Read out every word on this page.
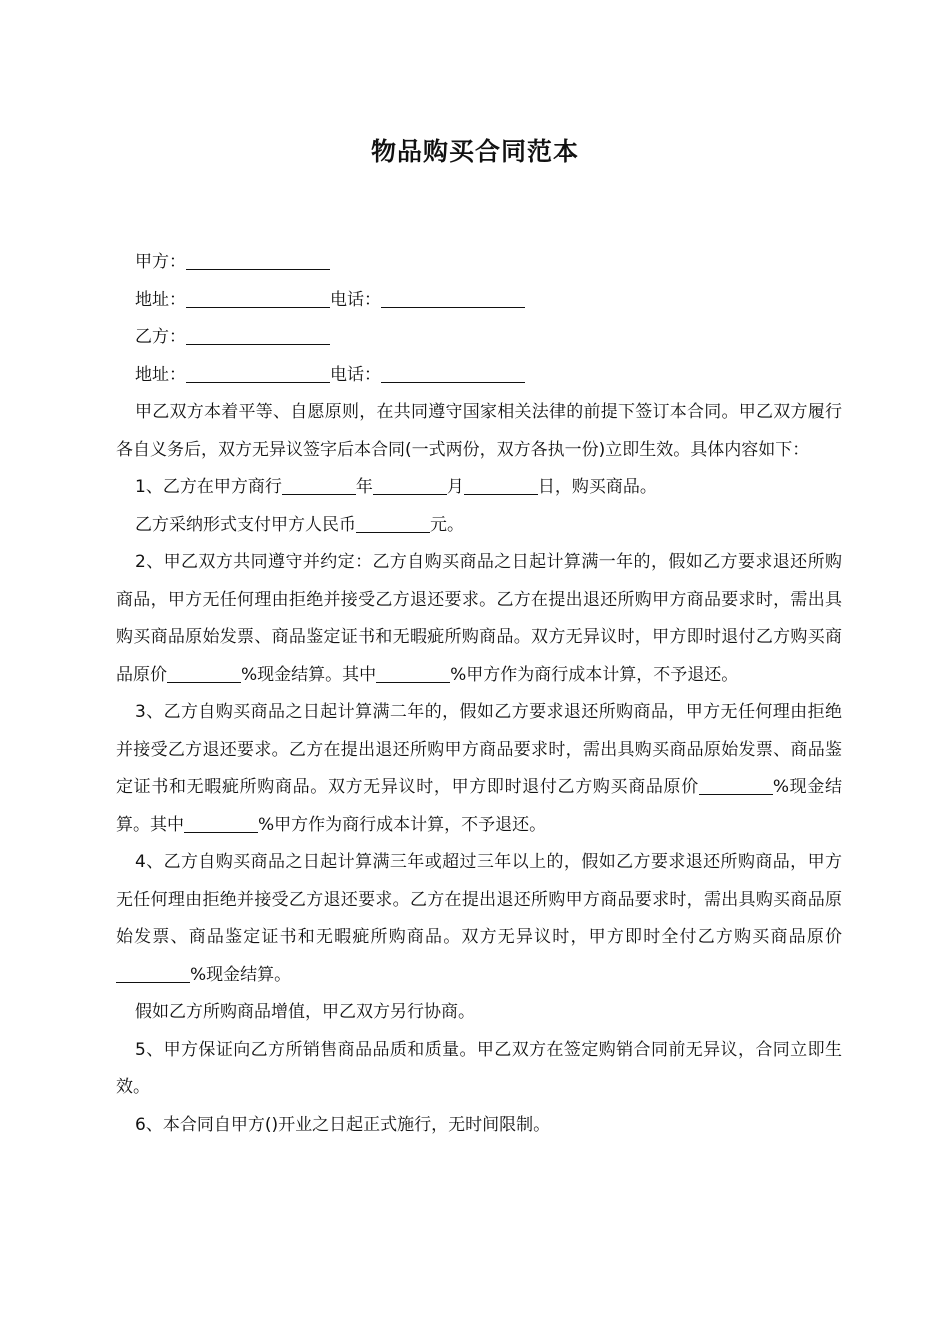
物品购买合同范本

甲方：

地址：	电话：

乙方：

地址：	电话：

甲乙双方本着平等、自愿原则，在共同遵守国家相关法律的前提下签订本合同。甲乙双方履行各自义务后，双方无异议签字后本合同(一式两份，双方各执一份)立即生效。具体内容如下：

1、乙方在甲方商行	年	月	日，购买商品。

乙方采纳形式支付甲方人民币	元。

2、甲乙双方共同遵守并约定：乙方自购买商品之日起计算满一年的，假如乙方要求退还所购商品，甲方无任何理由拒绝并接受乙方退还要求。乙方在提出退还所购甲方商品要求时，需出具购买商品原始发票、商品鉴定证书和无暇疵所购商品。双方无异议时，甲方即时退付乙方购买商品原价	%现金结算。其中	%甲方作为商行成本计算，不予退还。

3、乙方自购买商品之日起计算满二年的，假如乙方要求退还所购商品，甲方无任何理由拒绝并接受乙方退还要求。乙方在提出退还所购甲方商品要求时，需出具购买商品原始发票、商品鉴定证书和无暇疵所购商品。双方无异议时，甲方即时退付乙方购买商品原价	%现金结算。其中	%甲方作为商行成本计算，不予退还。

4、乙方自购买商品之日起计算满三年或超过三年以上的，假如乙方要求退还所购商品，甲方无任何理由拒绝并接受乙方退还要求。乙方在提出退还所购甲方商品要求时，需出具购买商品原始发票、商品鉴定证书和无暇疵所购商品。双方无异议时，甲方即时全付乙方购买商品原价%现金结算。

假如乙方所购商品增值，甲乙双方另行协商。

5、甲方保证向乙方所销售商品品质和质量。甲乙双方在签定购销合同前无异议，合同立即生效。

6、本合同自甲方()开业之日起正式施行，无时间限制。
